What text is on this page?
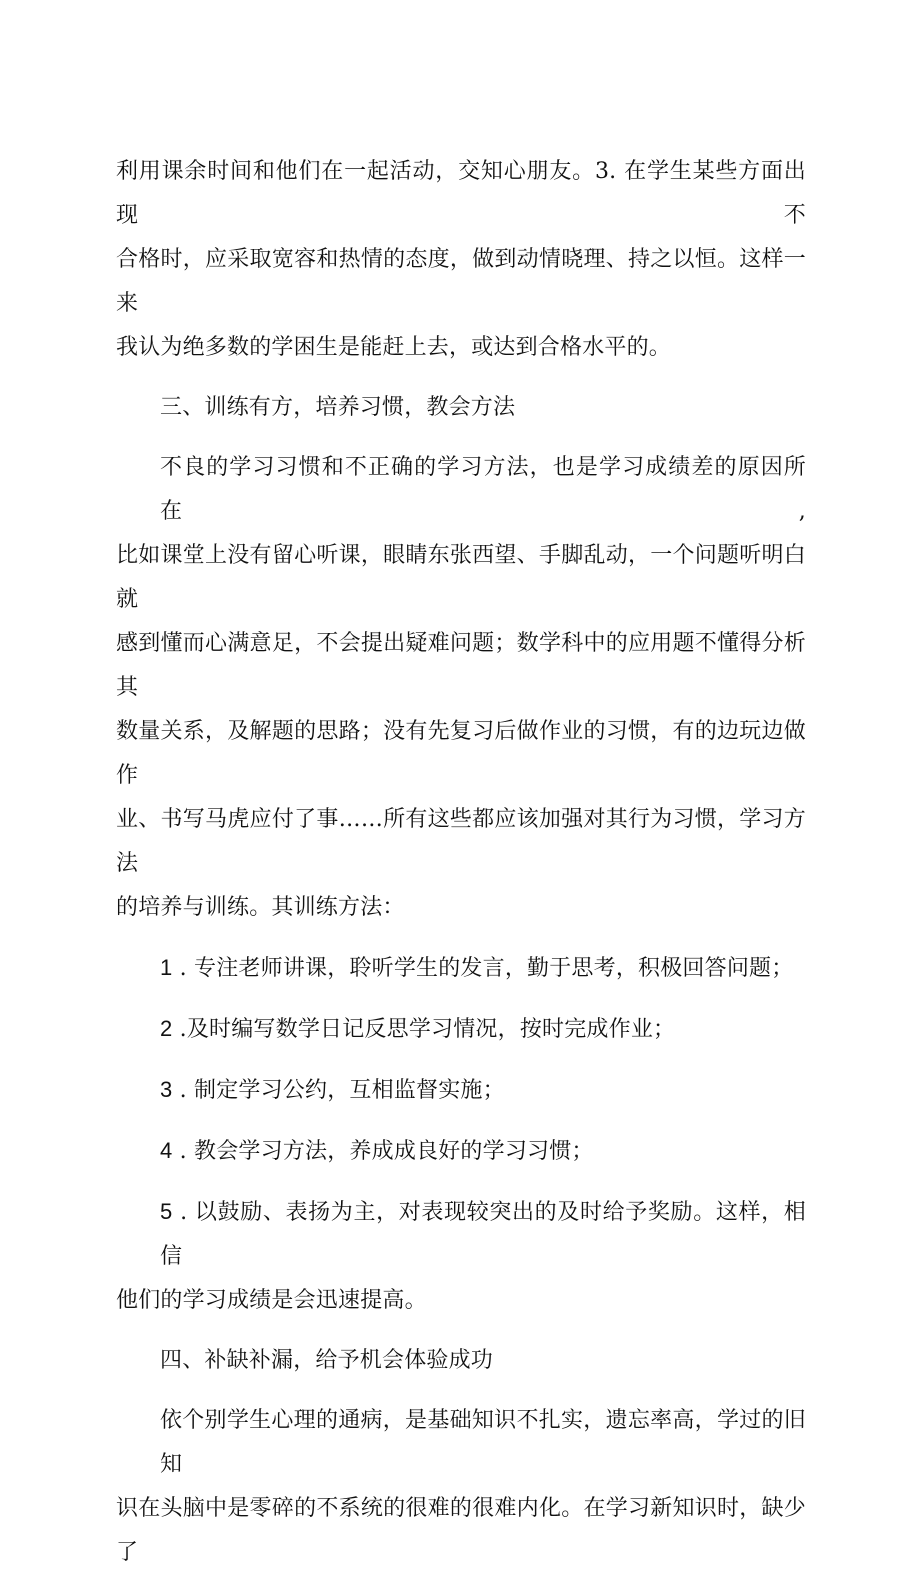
利用课余时间和他们在一起活动，交知心朋友。3. 在学生某些方面出现不

合格时，应采取宽容和热情的态度，做到动情晓理、持之以恒。这样一来

我认为绝多数的学困生是能赶上去，或达到合格水平的。

三、训练有方，培养习惯，教会方法

不良的学习习惯和不正确的学习方法，也是学习成绩差的原因所在,

比如课堂上没有留心听课，眼睛东张西望、手脚乱动，一个问题听明白就

感到懂而心满意足，不会提出疑难问题；数学科中的应用题不懂得分析其

数量关系，及解题的思路；没有先复习后做作业的习惯，有的边玩边做作

业、书写马虎应付了事……所有这些都应该加强对其行为习惯，学习方法

的培养与训练。其训练方法：

1 . 专注老师讲课，聆听学生的发言，勤于思考，积极回答问题；

2 .及时编写数学日记反思学习情况，按时完成作业；

3 . 制定学习公约，互相监督实施；

4 . 教会学习方法，养成成良好的学习习惯；

5 . 以鼓励、表扬为主，对表现较突出的及时给予奖励。这样，相信

他们的学习成绩是会迅速提高。

四、补缺补漏，给予机会体验成功

依个别学生心理的通病，是基础知识不扎实，遗忘率高，学过的旧知

识在头脑中是零碎的不系统的很难的很难内化。在学习新知识时，缺少了
